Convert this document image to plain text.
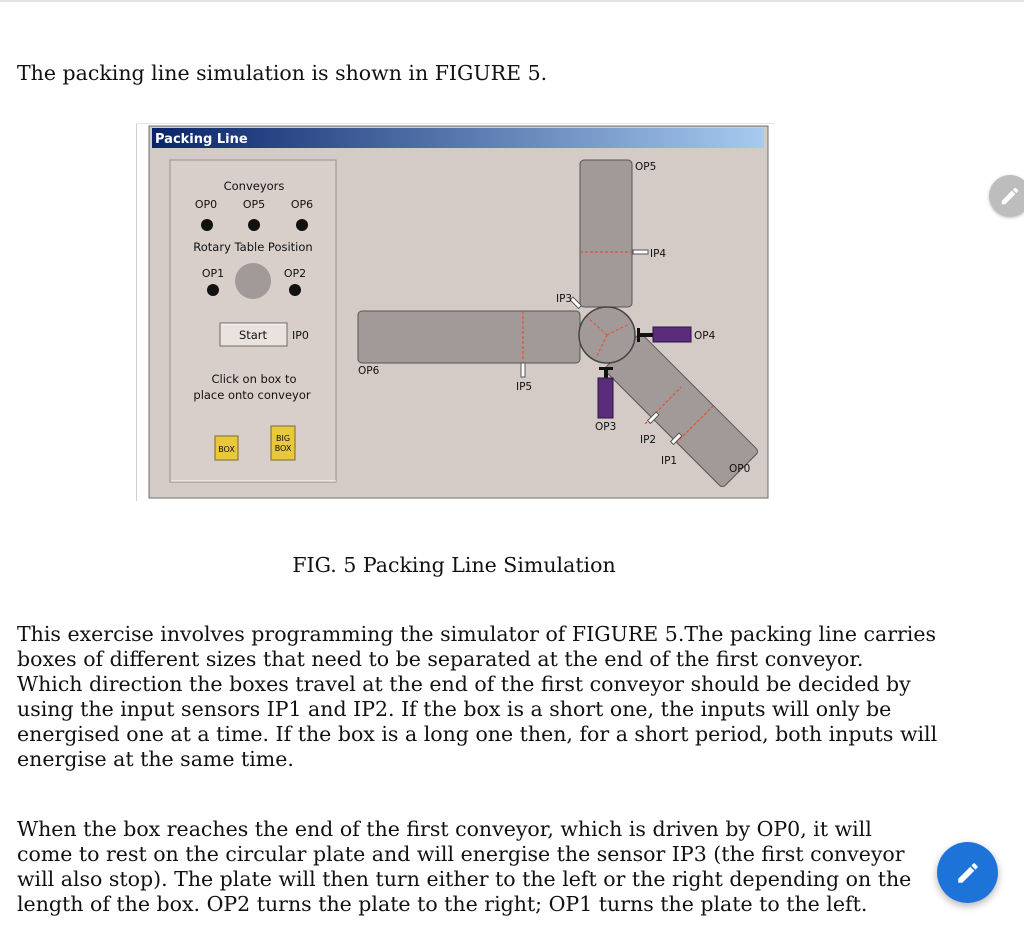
The packing line simulation is shown in FIGURE 5.

Packing Line
Conveyors
OP0 OP5 OP6
Rotary Table Position
OP1	OP2
Start IP0
Click on box to
place onto conveyor
BOX
BIG
BOX
OP5
IP4
IP3
OP4
OP6
IP5
OP3
IP2
IP1
OP0
FIG. 5 Packing Line Simulation

This exercise involves programming the simulator of FIGURE 5.The packing line carries
boxes of different sizes that need to be separated at the end of the first conveyor.
Which direction the boxes travel at the end of the first conveyor should be decided by
using the input sensors IP1 and IP2. If the box is a short one, the inputs will only be
energised one at a time. If the box is a long one then, for a short period, both inputs will
energise at the same time.

When the box reaches the end of the first conveyor, which is driven by OP0, it will
come to rest on the circular plate and will energise the sensor IP3 (the first conveyor
will also stop). The plate will then turn either to the left or the right depending on the
length of the box. OP2 turns the plate to the right; OP1 turns the plate to the left.
